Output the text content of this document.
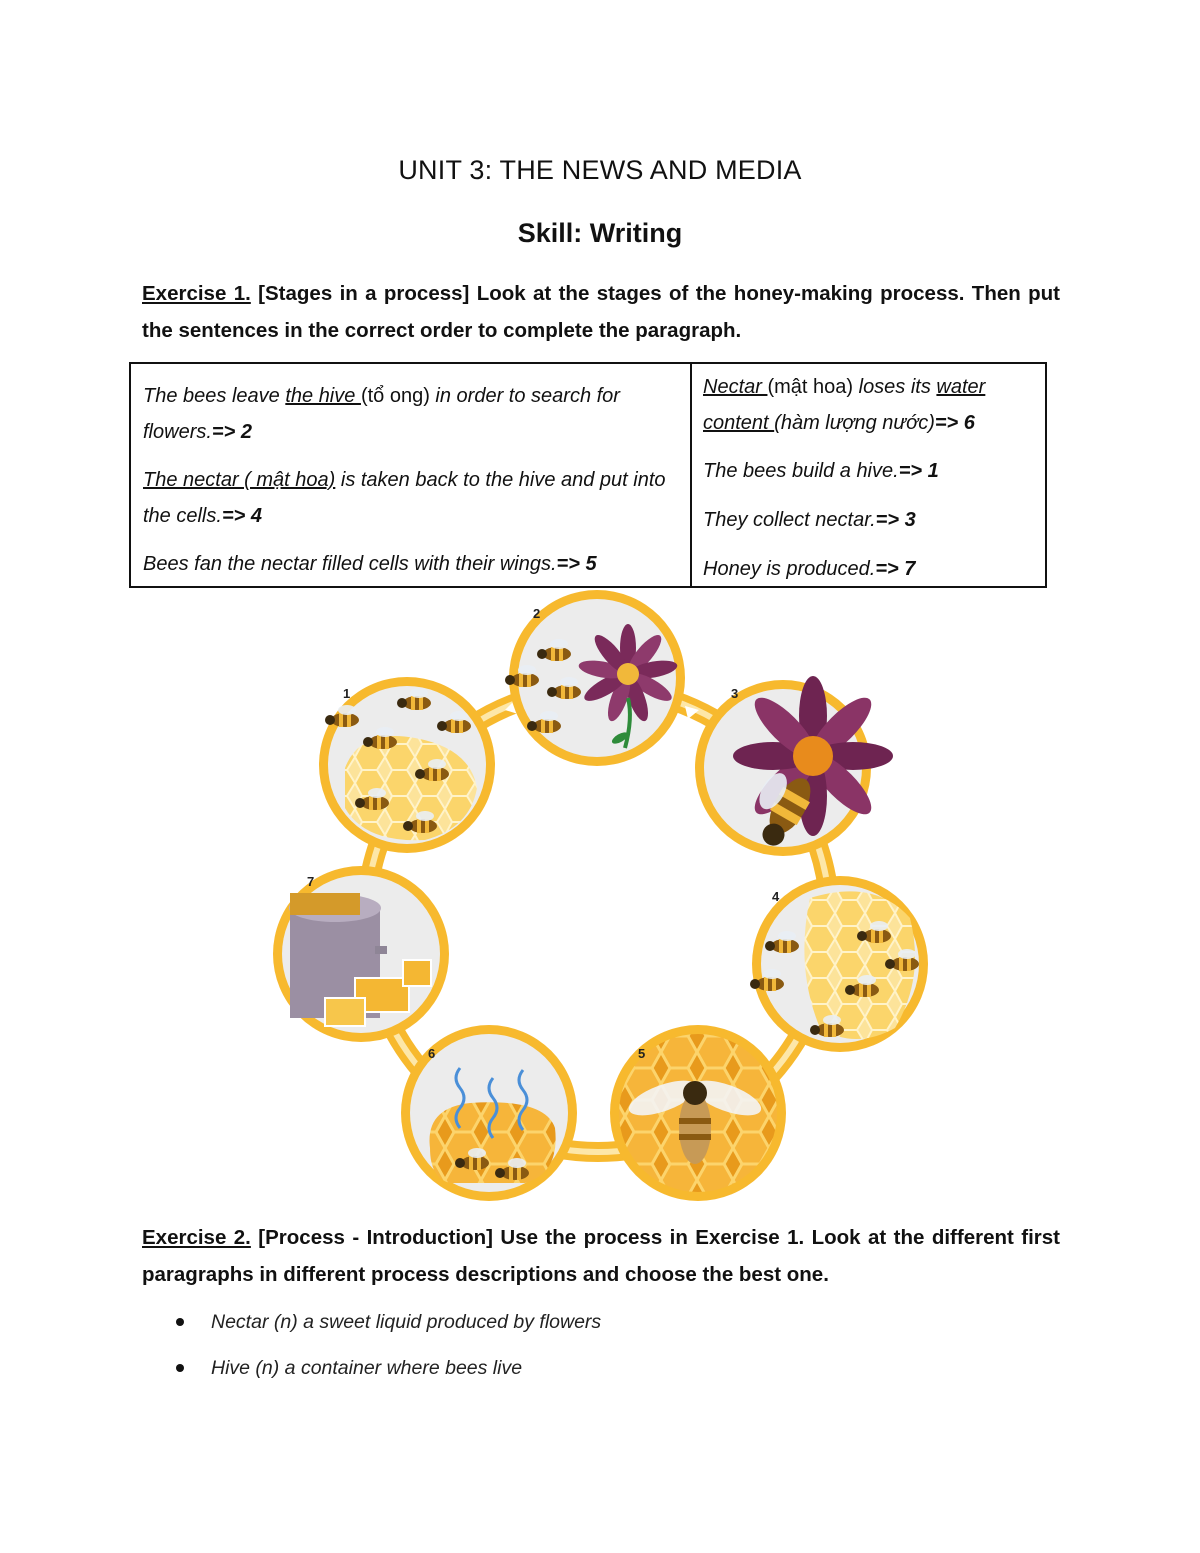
UNIT 3: THE NEWS AND MEDIA
Skill: Writing
Exercise 1. [Stages in a process] Look at the stages of the honey-making process. Then put the sentences in the correct order to complete the paragraph.

The bees leave the hive (tổ ong) in order to search for flowers.=> 2

The nectar ( mật hoa) is taken back to the hive and put into the cells.=> 4

Bees fan the nectar filled cells with their wings.=> 5

Nectar (mật hoa) loses its water content (hàm lượng nước)=> 6

The bees build a hive.=> 1

They collect nectar.=> 3

Honey is produced.=> 7

1
2
3
4
5
6
7
Exercise 2. [Process - Introduction] Use the process in Exercise 1. Look at the different first paragraphs in different process descriptions and choose the best one.
Nectar (n) a sweet liquid produced by flowers
Hive (n) a container where bees live
